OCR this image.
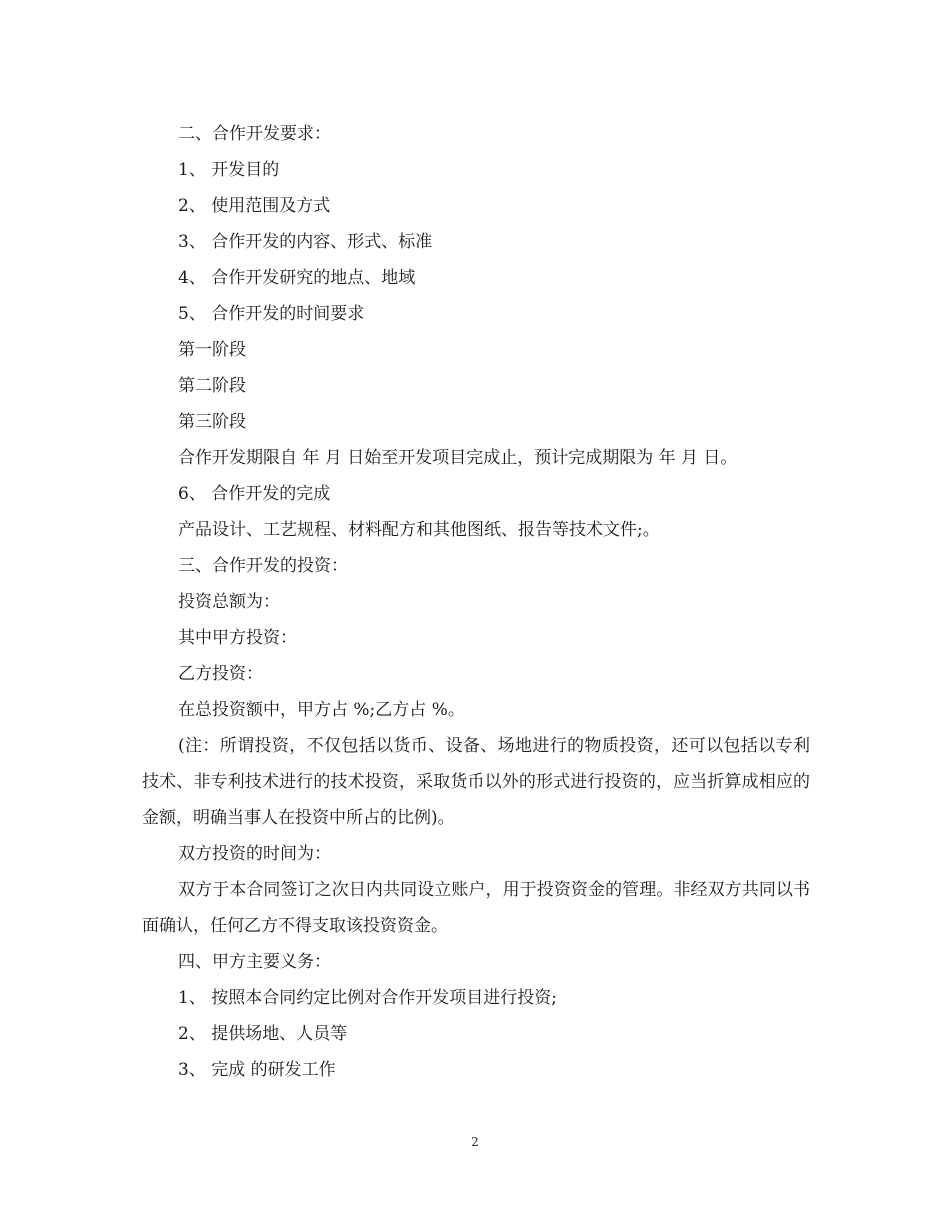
二、合作开发要求：
1、 开发目的
2、 使用范围及方式
3、 合作开发的内容、形式、标准
4、 合作开发研究的地点、地域
5、 合作开发的时间要求
第一阶段
第二阶段
第三阶段
合作开发期限自 年 月 日始至开发项目完成止，预计完成期限为 年 月 日。
6、 合作开发的完成
产品设计、工艺规程、材料配方和其他图纸、报告等技术文件;。
三、合作开发的投资：
投资总额为：
其中甲方投资：
乙方投资：
在总投资额中，甲方占 %;乙方占 %。

(注：所谓投资，不仅包括以货币、设备、场地进行的物质投资，还可以包括以专利技术、非专利技术进行的技术投资，采取货币以外的形式进行投资的，应当折算成相应的金额，明确当事人在投资中所占的比例)。

双方投资的时间为：

双方于本合同签订之次日内共同设立账户，用于投资资金的管理。非经双方共同以书面确认，任何乙方不得支取该投资资金。

四、甲方主要义务：
1、 按照本合同约定比例对合作开发项目进行投资;
2、 提供场地、人员等
3、 完成 的研发工作
2
